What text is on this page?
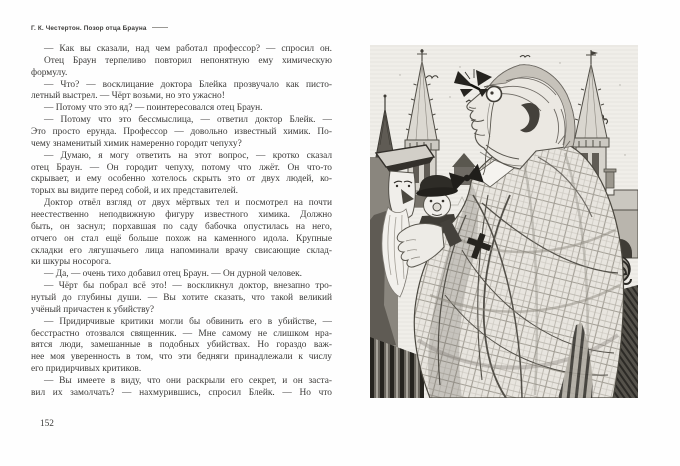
Г. К. Честертон. Позор отца Брауна
— Как вы сказали, над чем работал профессор? — спросил он.
Отец Браун терпеливо повторил непонятную ему химическую
формулу.
— Что? — восклицание доктора Блейка прозвучало как писто-
летный выстрел. — Чёрт возьми, но это ужасно!
— Потому что это яд? — поинтересовался отец Браун.
— Потому что это бессмыслица, — ответил доктор Блейк. —
Это просто ерунда. Профессор — довольно известный химик. По-
чему знаменитый химик намеренно городит чепуху?
— Думаю, я могу ответить на этот вопрос, — кротко сказал
отец Браун. — Он городит чепуху, потому что лжёт. Он что-то
скрывает, и ему особенно хотелось скрыть это от двух людей, ко-
торых вы видите перед собой, и их представителей.
Доктор отвёл взгляд от двух мёртвых тел и посмотрел на почти
неестественно неподвижную фигуру известного химика. Должно
быть, он заснул; порхавшая по саду бабочка опустилась на него,
отчего он стал ещё больше похож на каменного идола. Крупные
складки его лягушачьего лица напоминали врачу свисающие склад-
ки шкуры носорога.
— Да, — очень тихо добавил отец Браун. — Он дурной человек.
— Чёрт бы побрал всё это! — воскликнул доктор, внезапно тро-
нутый до глубины души. — Вы хотите сказать, что такой великий
учёный причастен к убийству?
— Придирчивые критики могли бы обвинить его в убийстве, —
бесстрастно отозвался священник. — Мне самому не слишком нра-
вятся люди, замешанные в подобных убийствах. Но гораздо важ-
нее моя уверенность в том, что эти бедняги принадлежали к числу
его придирчивых критиков.
— Вы имеете в виду, что они раскрыли его секрет, и он заста-
вил их замолчать? — нахмурившись, спросил Блейк. — Но что
152
